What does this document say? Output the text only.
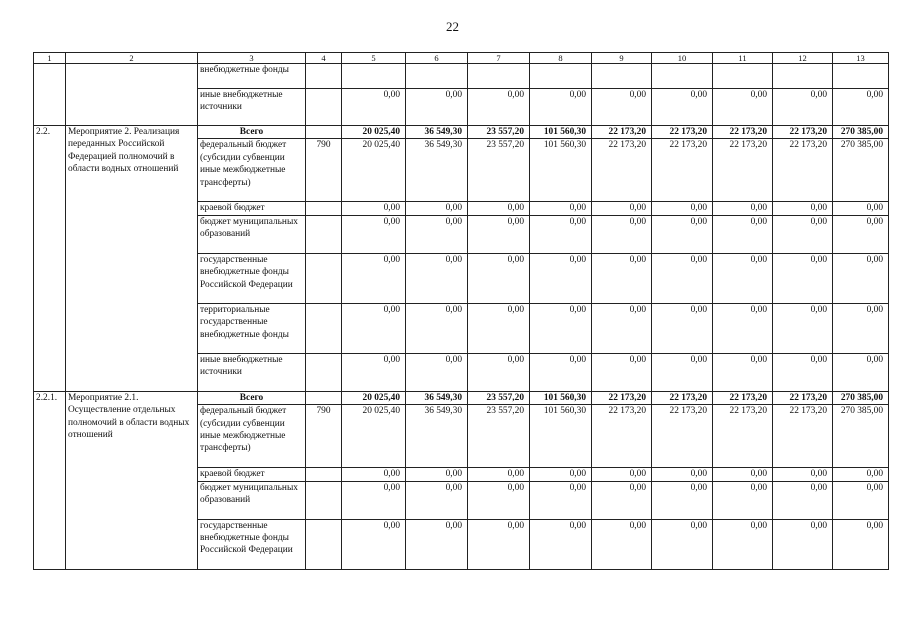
22
1	2	3	4	5	6	7	8	9	10	11	12	13
		внебюджетные фонды										
		иные внебюджетные источники		0,00	0,00	0,00	0,00	0,00	0,00	0,00	0,00	0,00
2.2.	Мероприятие 2. Реализация переданных Российской Федерацией полномочий в области водных отношений	Всего		20 025,40	36 549,30	23 557,20	101 560,30	22 173,20	22 173,20	22 173,20	22 173,20	270 385,00
		федеральный бюджет (субсидии субвенции иные межбюджетные трансферты)	790	20 025,40	36 549,30	23 557,20	101 560,30	22 173,20	22 173,20	22 173,20	22 173,20	270 385,00
		краевой бюджет		0,00	0,00	0,00	0,00	0,00	0,00	0,00	0,00	0,00
		бюджет муниципальных образований		0,00	0,00	0,00	0,00	0,00	0,00	0,00	0,00	0,00
		государственные внебюджетные фонды Российской Федерации		0,00	0,00	0,00	0,00	0,00	0,00	0,00	0,00	0,00
		территориальные государственные внебюджетные фонды		0,00	0,00	0,00	0,00	0,00	0,00	0,00	0,00	0,00
		иные внебюджетные источники		0,00	0,00	0,00	0,00	0,00	0,00	0,00	0,00	0,00
2.2.1.	Мероприятие 2.1. Осуществление отдельных полномочий в области водных отношений	Всего		20 025,40	36 549,30	23 557,20	101 560,30	22 173,20	22 173,20	22 173,20	22 173,20	270 385,00
		федеральный бюджет (субсидии субвенции иные межбюджетные трансферты)	790	20 025,40	36 549,30	23 557,20	101 560,30	22 173,20	22 173,20	22 173,20	22 173,20	270 385,00
		краевой бюджет		0,00	0,00	0,00	0,00	0,00	0,00	0,00	0,00	0,00
		бюджет муниципальных образований		0,00	0,00	0,00	0,00	0,00	0,00	0,00	0,00	0,00
		государственные внебюджетные фонды Российской Федерации		0,00	0,00	0,00	0,00	0,00	0,00	0,00	0,00	0,00
